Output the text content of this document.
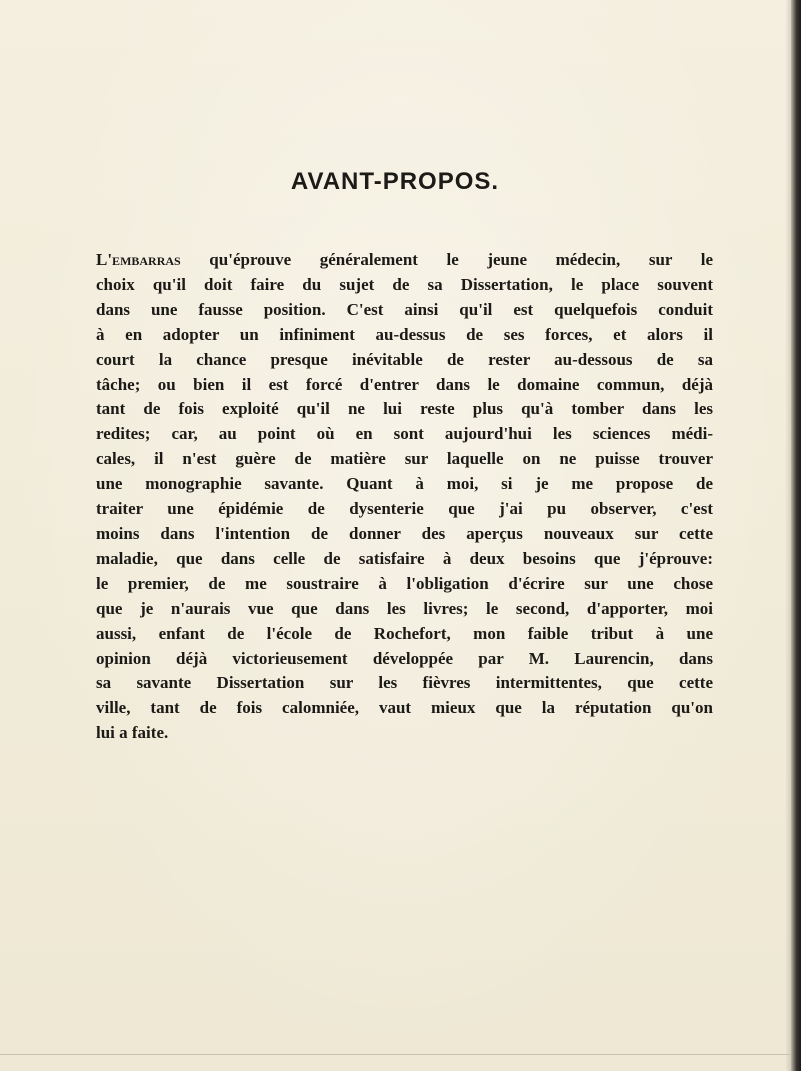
AVANT-PROPOS.
L'embarras qu'éprouve généralement le jeune médecin, sur le
choix qu'il doit faire du sujet de sa Dissertation, le place souvent
dans une fausse position. C'est ainsi qu'il est quelquefois conduit
à en adopter un infiniment au-dessus de ses forces, et alors il
court la chance presque inévitable de rester au-dessous de sa
tâche; ou bien il est forcé d'entrer dans le domaine commun, déjà
tant de fois exploité qu'il ne lui reste plus qu'à tomber dans les
redites; car, au point où en sont aujourd'hui les sciences médi-
cales, il n'est guère de matière sur laquelle on ne puisse trouver
une monographie savante. Quant à moi, si je me propose de
traiter une épidémie de dysenterie que j'ai pu observer, c'est
moins dans l'intention de donner des aperçus nouveaux sur cette
maladie, que dans celle de satisfaire à deux besoins que j'éprouve:
le premier, de me soustraire à l'obligation d'écrire sur une chose
que je n'aurais vue que dans les livres; le second, d'apporter, moi
aussi, enfant de l'école de Rochefort, mon faible tribut à une
opinion déjà victorieusement développée par M. Laurencin, dans
sa savante Dissertation sur les fièvres intermittentes, que cette
ville, tant de fois calomniée, vaut mieux que la réputation qu'on
lui a faite.
